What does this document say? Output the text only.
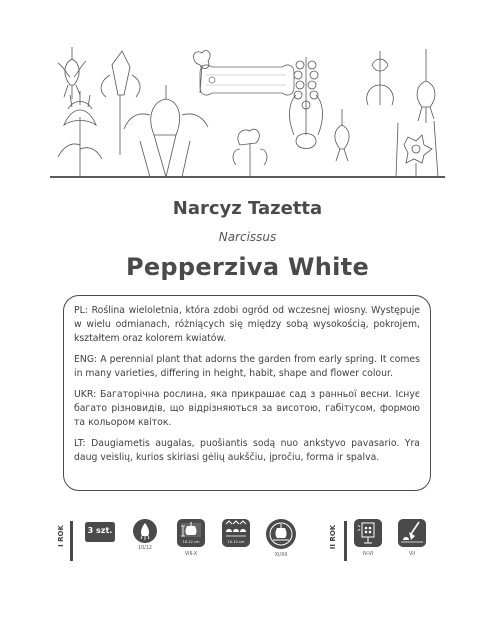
Narcyz Tazetta
Narcissus
Pepperziva White

PL: Roślina wieloletnia, która zdobi ogród od wczesnej wiosny. Występuje w wielu odmianach, różniących się między sobą wysokością, pokrojem, kształtem oraz kolorem kwiatów.

ENG: A perennial plant that adorns the garden from early spring. It comes in many varieties, differing in height, habit, shape and flower colour.

UKR: Багаторічна рослина, яка прикрашає сад з ранньої весни. Існує багато різновидів, що відрізняються за висотою, габітусом, формою та кольором квіток.

LT: Daugiametis augalas, puošiantis sodą nuo ankstyvo pavasario. Yra daug veislių, kurios skiriasi gėlių aukščiu, įpročiu, forma ir spalva.

I ROK	3 szt.
10/12
10-12 cm
VIII-X
10-12 cm
XI/XII
II ROK
IV-VI	VII
